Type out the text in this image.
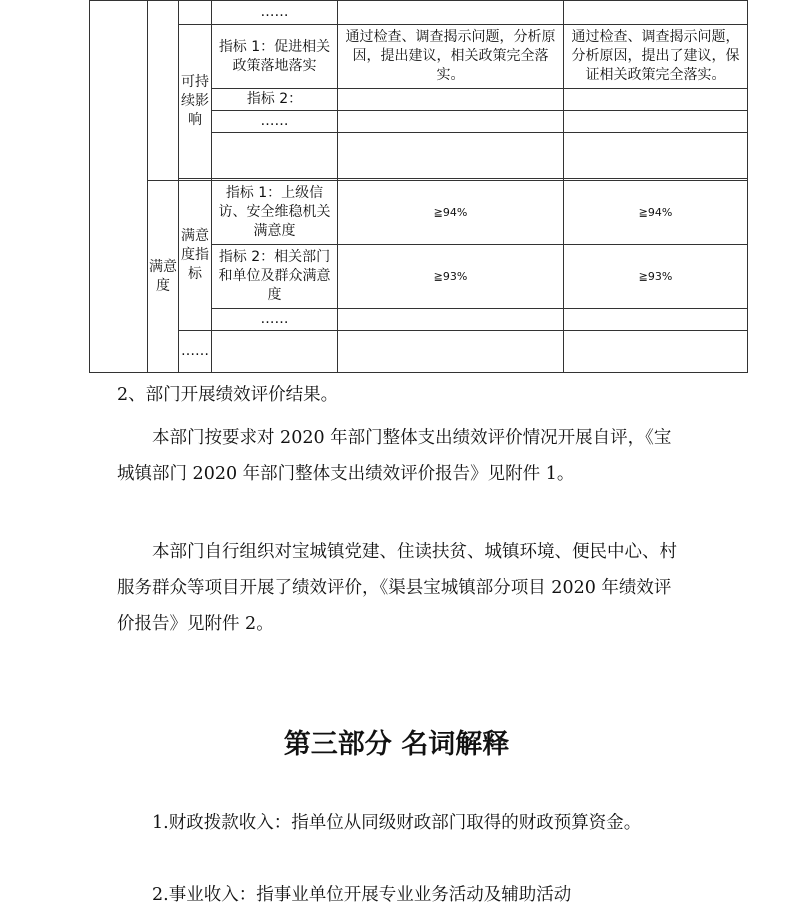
			……		
		可持续影响	指标 1：促进相关政策落地落实	通过检查、调查揭示问题，分析原因，提出建议，相关政策完全落实。	通过检查、调查揭示问题，分析原因，提出了建议，保证相关政策完全落实。
			指标 2：		
			……		

	满意度	满意度指标	指标 1：上级信访、安全维稳机关满意度	≧94%	≧94%
			指标 2：相关部门和单位及群众满意度	≧93%	≧93%
			……		
		……			

2、部门开展绩效评价结果。

本部门按要求对 2020 年部门整体支出绩效评价情况开展自评，《宝城镇部门 2020 年部门整体支出绩效评价报告》见附件 1。

本部门自行组织对宝城镇党建、住读扶贫、城镇环境、便民中心、村服务群众等项目开展了绩效评价，《渠县宝城镇部分项目 2020 年绩效评价报告》见附件 2。

第三部分 名词解释

1.财政拨款收入：指单位从同级财政部门取得的财政预算资金。

2.事业收入：指事业单位开展专业业务活动及辅助活动
